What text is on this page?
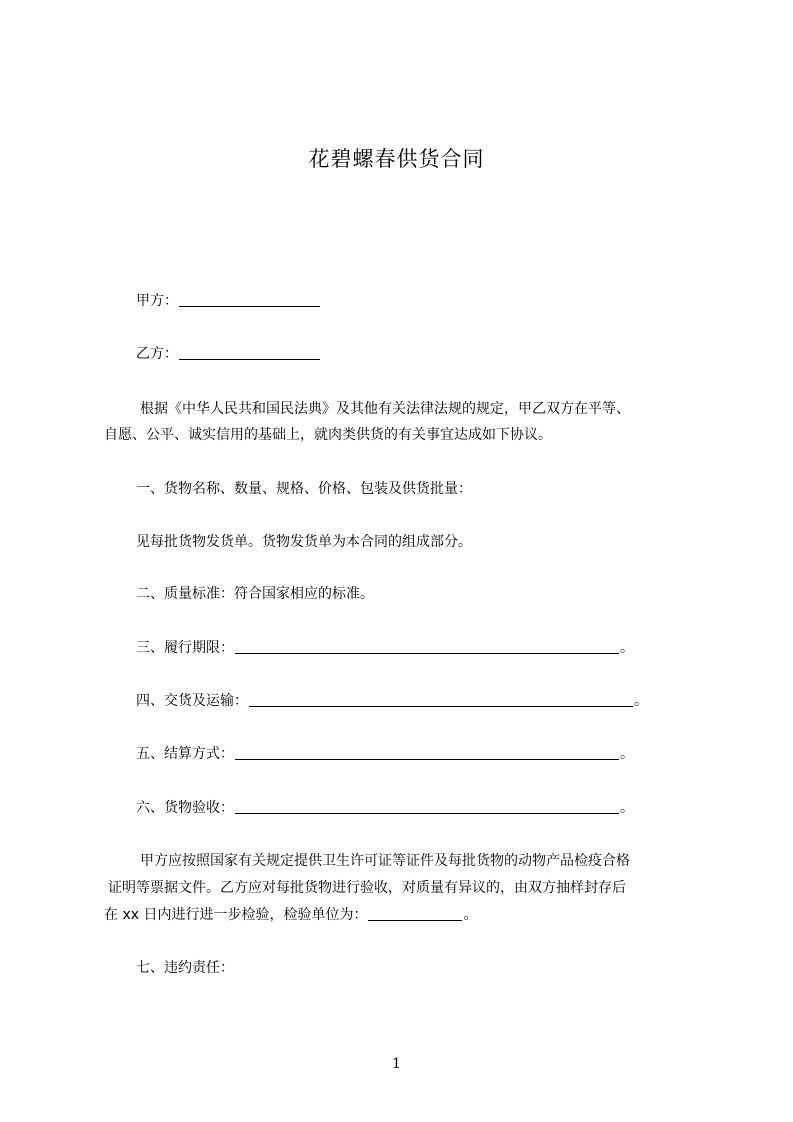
花碧螺春供货合同
甲方：
乙方：
根据《中华人民共和国民法典》及其他有关法律法规的规定，甲乙双方在平等、
自愿、公平、诚实信用的基础上，就肉类供货的有关事宜达成如下协议。
一、货物名称、数量、规格、价格、包装及供货批量：
见每批货物发货单。货物发货单为本合同的组成部分。
二、质量标准：符合国家相应的标准。
三、履行期限：	。
四、交货及运输：	。
五、结算方式：	。
六、货物验收：	。
甲方应按照国家有关规定提供卫生许可证等证件及每批货物的动物产品检疫合格
证明等票据文件。乙方应对每批货物进行验收，对质量有异议的，由双方抽样封存后
在 xx 日内进行进一步检验，检验单位为：	。
七、违约责任：
1
